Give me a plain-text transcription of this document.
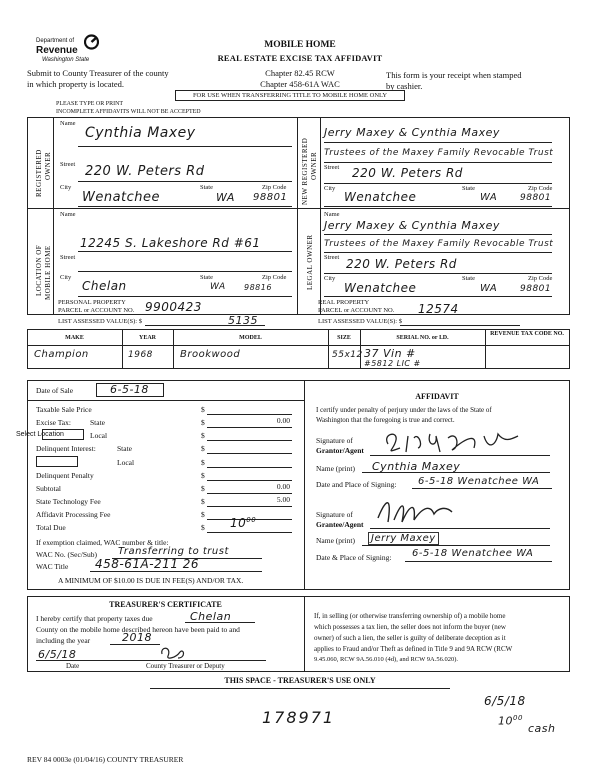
Department of
Revenue
Washington State
MOBILE HOME
REAL ESTATE EXCISE TAX AFFIDAVIT
Submit to County Treasurer of the county
in which property is located.
Chapter 82.45 RCW
Chapter 458-61A WAC
This form is your receipt when stamped
by cashier.
FOR USE WHEN TRANSFERRING TITLE TO MOBILE HOME ONLY
PLEASE TYPE OR PRINT
INCOMPLETE AFFIDAVITS WILL NOT BE ACCEPTED
REGISTERED OWNER	NEW REGISTERED OWNER
LOCATION OF MOBILE HOME	LEGAL OWNER
Name
Cynthia Maxey
Street 220 W. Peters Rd
City
Wenatchee
State
WA
Zip Code
98801
Jerry Maxey & Cynthia Maxey
Trustees of the Maxey Family Revocable Trust
Street 220 W. Peters Rd
City
Wenatchee
State
WA
Zip Code
98801
Name
12245 S. Lakeshore Rd #61
Street
City
Chelan
State
WA
Zip Code
98816
Name
Jerry Maxey & Cynthia Maxey
Trustees of the Maxey Family Revocable Trust
Street 220 W. Peters Rd
City
Wenatchee
State
WA
Zip Code
98801
PERSONAL PROPERTY
PARCEL or ACCOUNT NO. 9900423
LIST ASSESSED VALUE(S): $	5135
REAL PROPERTY
PARCEL or ACCOUNT NO. 12574
LIST ASSESSED VALUE(S): $
MAKE	YEAR	MODEL	SIZE	SERIAL NO. or I.D.
REVENUE TAX CODE NO.
Champion	1968	Brookwood	55x12 37 Vin #
#5812 LIC #
Date of Sale	6-5-18
Taxable Sale Price	$
Excise Tax:	State	$	0.00
Select Location	Local	$
Delinquent Interest:	State	$
Local	$
Delinquent Penalty	$
Subtotal	$	0.00
State Technology Fee	$	5.00
Affidavit Processing Fee	$
Total Due	$ $10^{00}$
If exemption claimed, WAC number & title:
WAC No. (Sec/Sub) Transferring to trust
WAC Title 458-61A-211 26
A MINIMUM OF $10.00 IS DUE IN FEE(S) AND/OR TAX.
AFFIDAVIT
I certify under penalty of perjury under the laws of the State of
Washington that the foregoing is true and correct.
Signature of
Grantor/Agent
Name (print) Cynthia Maxey
Date and Place of Signing: 6-5-18 Wenatchee WA
Signature of
Grantee/Agent
Name (print)	Jerry Maxey
Date & Place of Signing: 6-5-18 Wenatchee WA
TREASURER'S CERTIFICATE
I hereby certify that property taxes due	Chelan
County on the mobile home described hereon have been paid to and
including the year	2018
6/5/18
Date	County Treasurer or Deputy
If, in selling (or otherwise transferring ownership of) a mobile home
which possesses a tax lien, the seller does not inform the buyer (new
owner) of such a lien, the seller is guilty of deliberate deception as it
applies to Fraud and/or Theft as defined in Title 9 and 9A RCW (RCW
9.45.060, RCW 9A.56.010 (4d), and RCW 9A.56.020).
THIS SPACE - TREASURER'S USE ONLY
178971
6/5/18
$10^{00}$
cash
REV 84 0003e (01/04/16) COUNTY TREASURER
